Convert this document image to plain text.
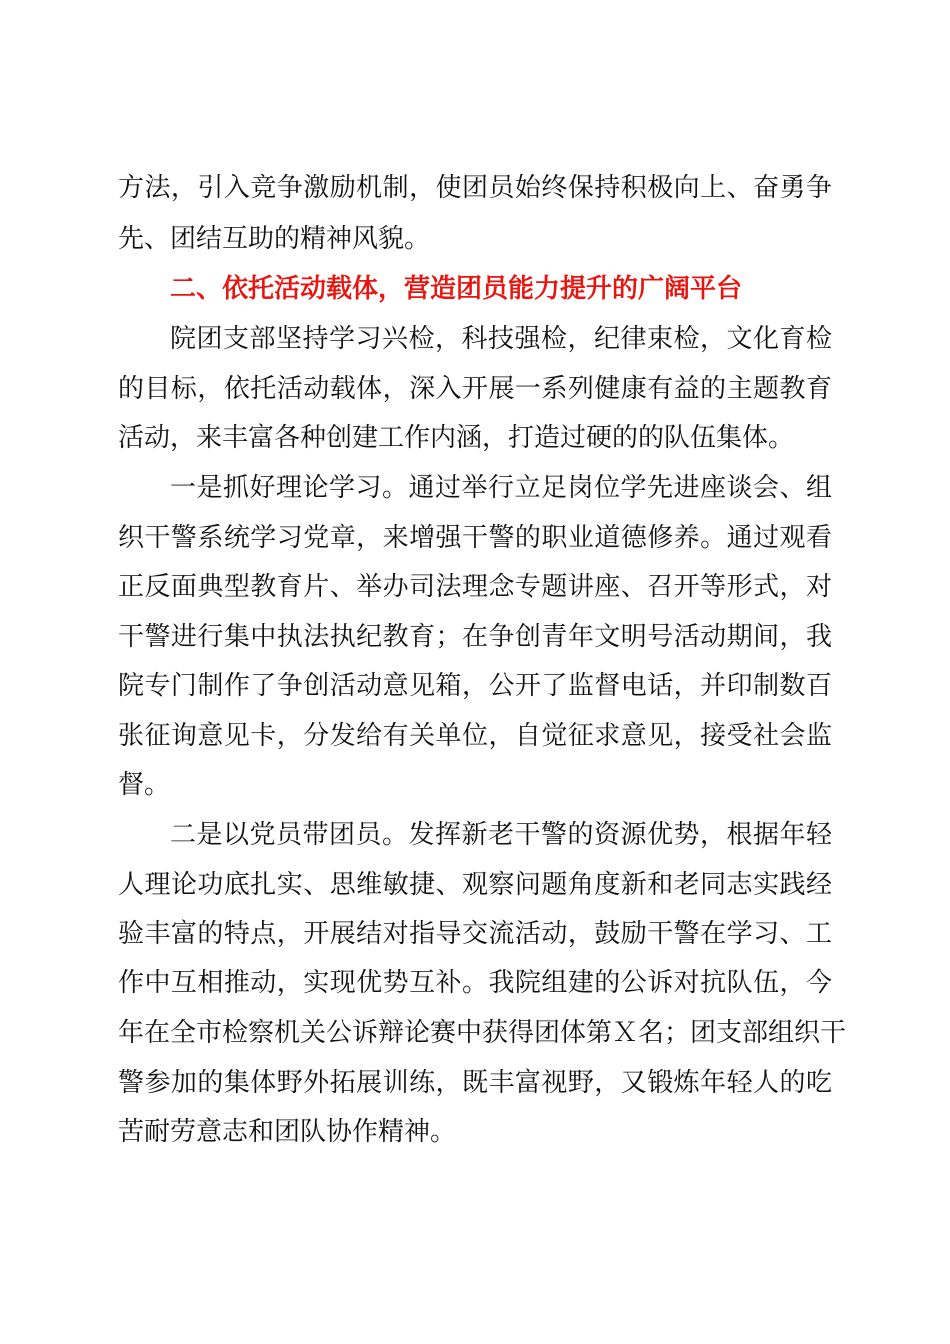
方法，引入竞争激励机制，使团员始终保持积极向上、奋勇争
先、团结互助的精神风貌。
二、依托活动载体，营造团员能力提升的广阔平台
院团支部坚持学习兴检，科技强检，纪律束检，文化育检
的目标，依托活动载体，深入开展一系列健康有益的主题教育
活动，来丰富各种创建工作内涵，打造过硬的的队伍集体。
一是抓好理论学习。通过举行立足岗位学先进座谈会、组
织干警系统学习党章，来增强干警的职业道德修养。通过观看
正反面典型教育片、举办司法理念专题讲座、召开等形式，对
干警进行集中执法执纪教育；在争创青年文明号活动期间，我
院专门制作了争创活动意见箱，公开了监督电话，并印制数百
张征询意见卡，分发给有关单位，自觉征求意见，接受社会监
督。
二是以党员带团员。发挥新老干警的资源优势，根据年轻
人理论功底扎实、思维敏捷、观察问题角度新和老同志实践经
验丰富的特点，开展结对指导交流活动，鼓励干警在学习、工
作中互相推动，实现优势互补。我院组建的公诉对抗队伍，今
年在全市检察机关公诉辩论赛中获得团体第Ｘ名；团支部组织干
警参加的集体野外拓展训练，既丰富视野，又锻炼年轻人的吃
苦耐劳意志和团队协作精神。
